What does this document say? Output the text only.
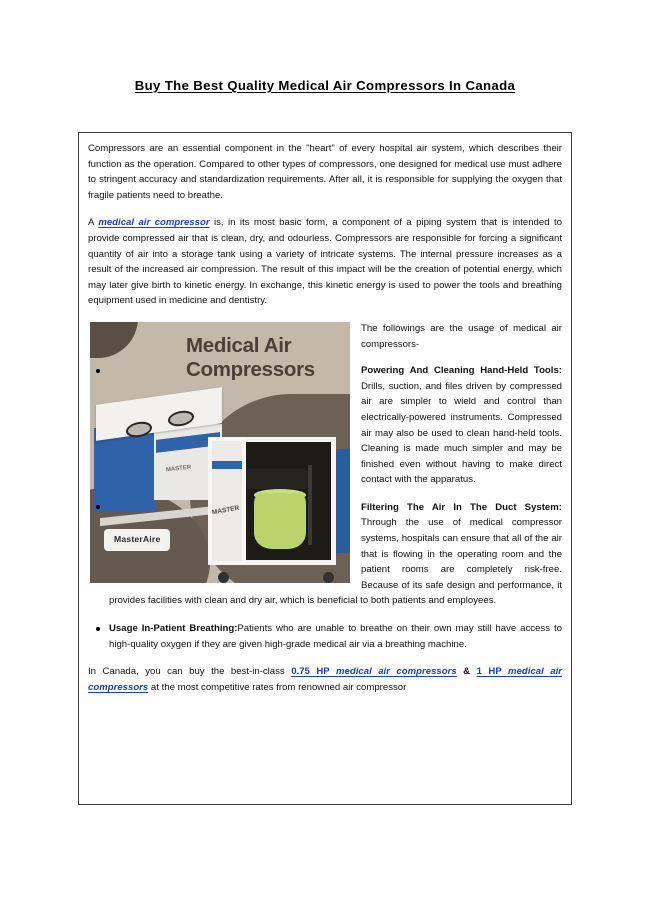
Buy The Best Quality Medical Air Compressors In Canada

Compressors are an essential component in the "heart" of every hospital air system, which describes their function as the operation. Compared to other types of compressors, one designed for medical use must adhere to stringent accuracy and standardization requirements. After all, it is responsible for supplying the oxygen that fragile patients need to breathe.

A medical air compressor is, in its most basic form, a component of a piping system that is intended to provide compressed air that is clean, dry, and odourless. Compressors are responsible for forcing a significant quantity of air into a storage tank using a variety of intricate systems. The internal pressure increases as a result of the increased air compression. The result of this impact will be the creation of potential energy, which may later give birth to kinetic energy. In exchange, this kinetic energy is used to power the tools and breathing equipment used in medicine and dentistry.

Medical Air
Compressors
MASTER
MASTER
MasterAire

The followings are the usage of medical air compressors-

Powering And Cleaning Hand-Held Tools: Drills, suction, and files driven by compressed air are simpler to wield and control than electrically-powered instruments. Compressed air may also be used to clean hand-held tools. Cleaning is made much simpler and may be finished even without having to make direct contact with the apparatus.
Filtering The Air In The Duct System: Through the use of medical compressor systems, hospitals can ensure that all of the air that is flowing in the operating room and the patient rooms are completely risk-free. Because of its safe design and performance, it provides facilities with clean and dry air, which is beneficial to both patients and employees.
Usage In-Patient Breathing:Patients who are unable to breathe on their own may still have access to high-quality oxygen if they are given high-grade medical air via a breathing machine.

In Canada, you can buy the best-in-class 0.75 HP medical air compressors & 1 HP medical air compressors at the most competitive rates from renowned air compressor
